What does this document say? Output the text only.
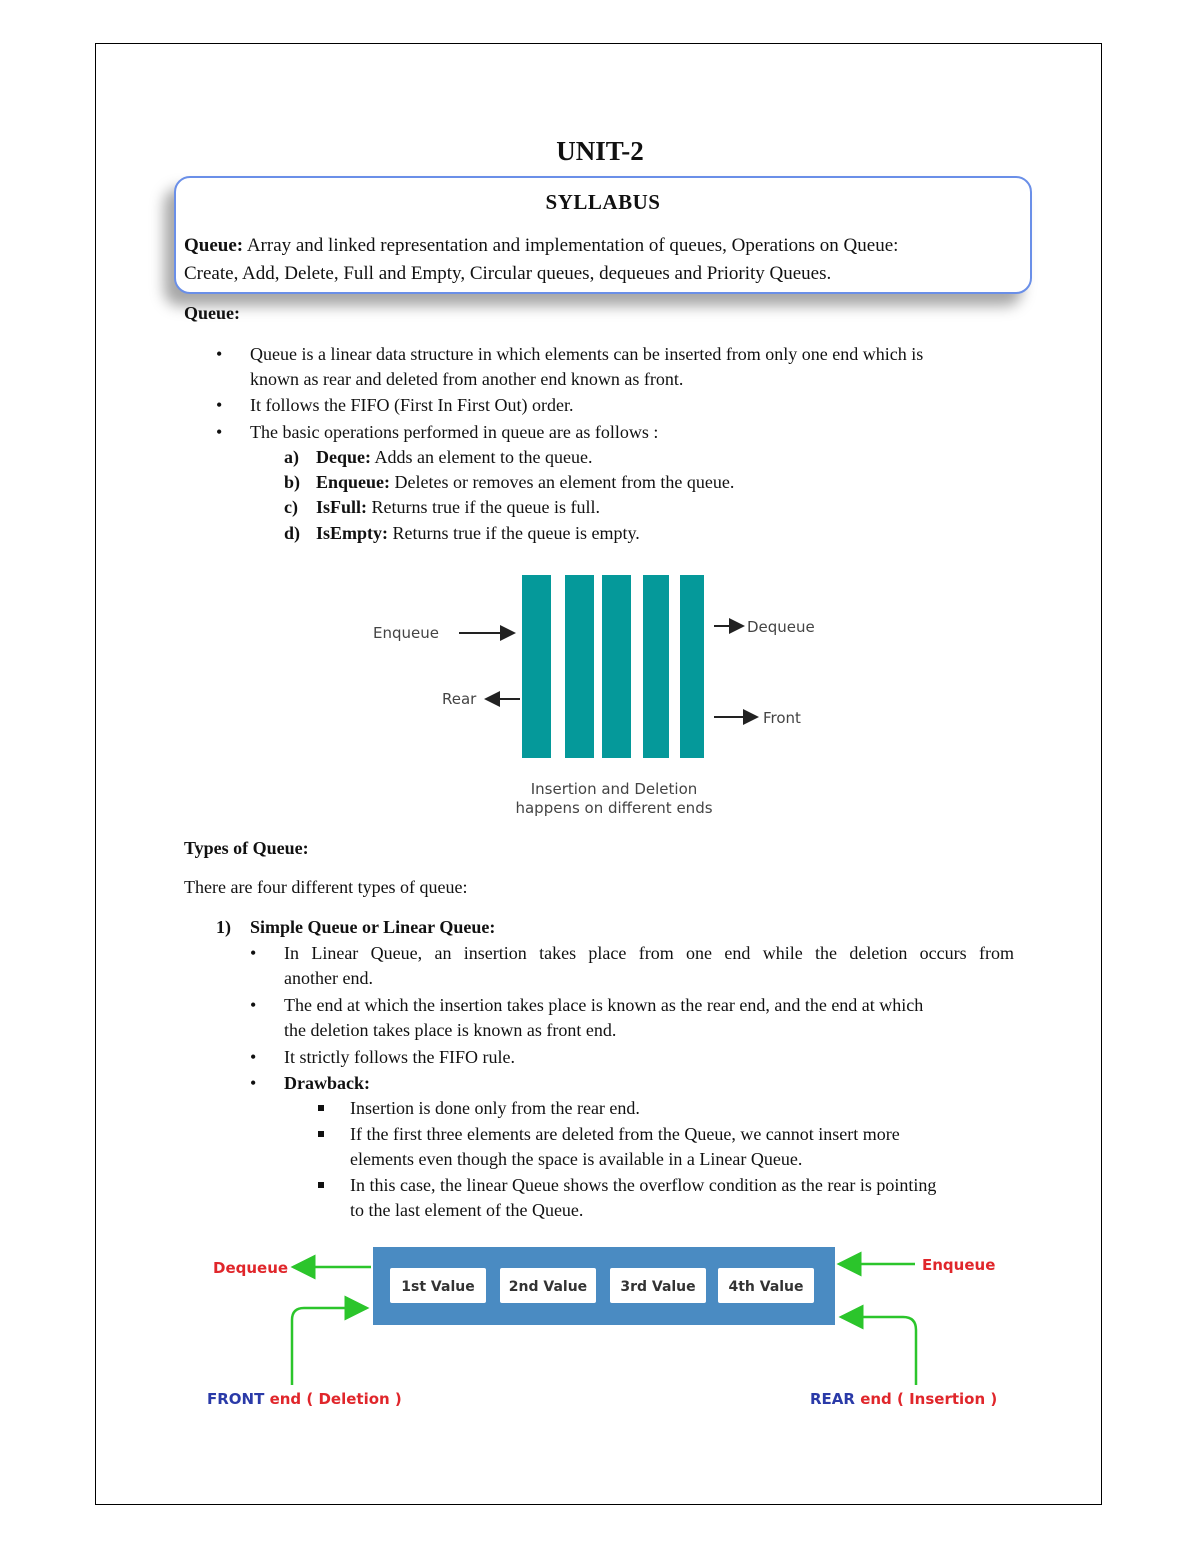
UNIT-2
SYLLABUS
Queue: Array and linked representation and implementation of queues, Operations on Queue:
Create, Add, Delete, Full and Empty, Circular queues, dequeues and Priority Queues.
Queue:
• Queue is a linear data structure in which elements can be inserted from only one end which is
known as rear and deleted from another end known as front.
• It follows the FIFO (First In First Out) order.
• The basic operations performed in queue are as follows :
a) Deque: Adds an element to the queue.
b) Enqueue: Deletes or removes an element from the queue.
c) IsFull: Returns true if the queue is full.
d) IsEmpty: Returns true if the queue is empty.
Enqueue
Rear
Dequeue
Front
Insertion and Deletion
happens on different ends
Types of Queue:
There are four different types of queue:
1) Simple Queue or Linear Queue:
• In Linear Queue, an insertion takes place from one end while the deletion occurs from
another end.
• The end at which the insertion takes place is known as the rear end, and the end at which
the deletion takes place is known as front end.
• It strictly follows the FIFO rule.
• Drawback:
Insertion is done only from the rear end.
If the first three elements are deleted from the Queue, we cannot insert more
elements even though the space is available in a Linear Queue.
In this case, the linear Queue shows the overflow condition as the rear is pointing
to the last element of the Queue.
1st Value 2nd Value 3rd Value 4th Value
Dequeue
FRONT end ( Deletion )
Enqueue
REAR end ( Insertion )
